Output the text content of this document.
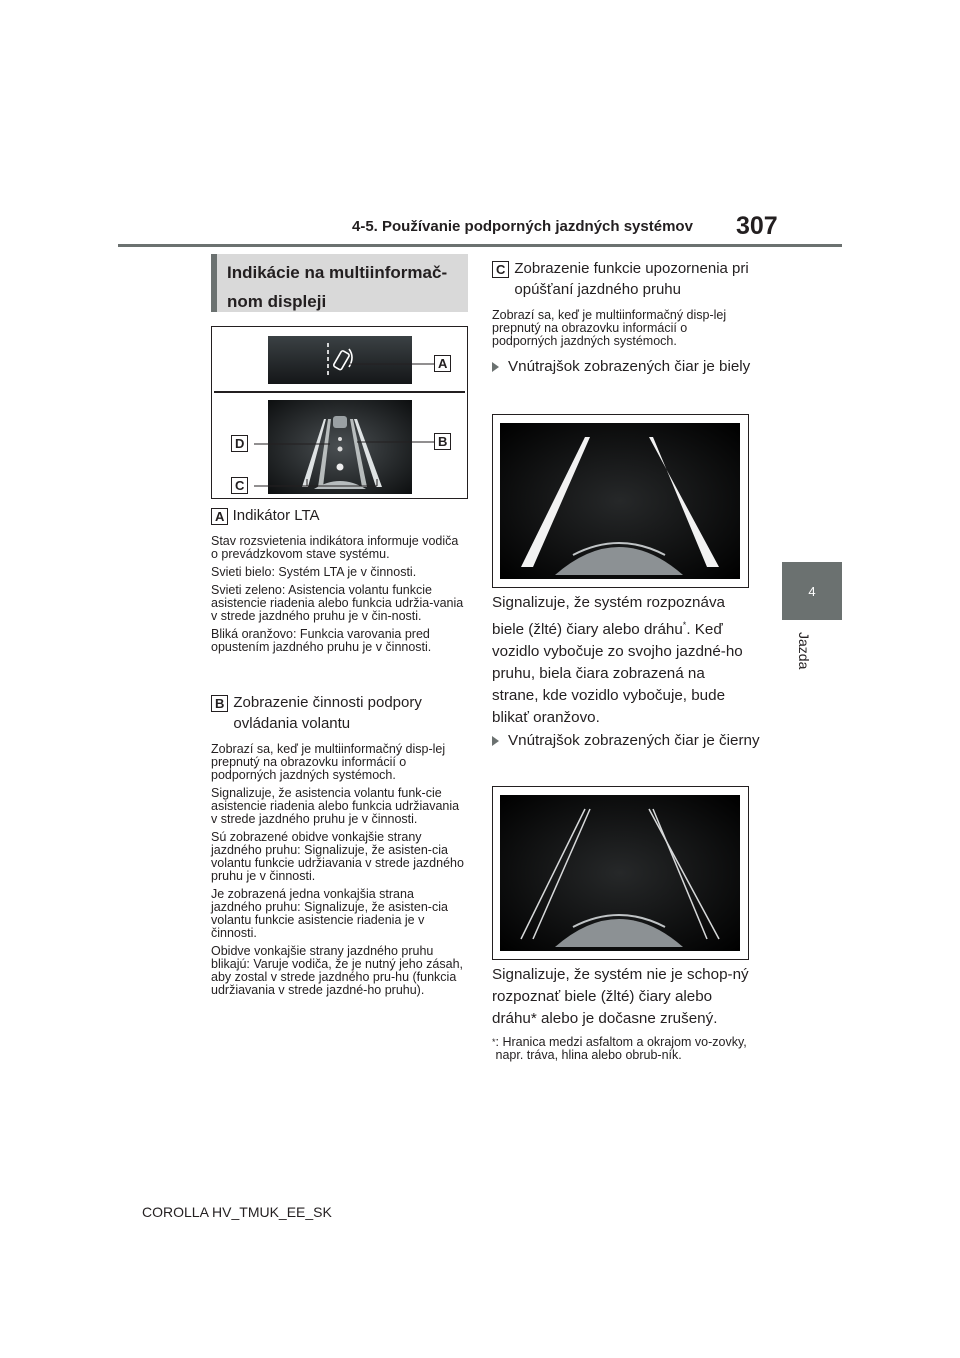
4-5. Používanie podporných jazdných systémov 307
4
Jazda
Indikácie na multiinformač-
nom displeji
A
B
D
C
A Indikátor LTA

Stav rozsvietenia indikátora informuje vodiča o prevádzkovom stave systému.

Svieti bielo: Systém LTA je v činnosti.

Svieti zeleno: Asistencia volantu funkcie asistencie riadenia alebo funkcia udržia-vania v strede jazdného pruhu je v čin-nosti.

Bliká oranžovo: Funkcia varovania pred opustením jazdného pruhu je v činnosti.

B Zobrazenie činnosti podpory ovládania volantu

Zobrazí sa, keď je multiinformačný disp-lej prepnutý na obrazovku informácií o podporných jazdných systémoch.

Signalizuje, že asistencia volantu funk-cie asistencie riadenia alebo funkcia udržiavania v strede jazdného pruhu je v činnosti.

Sú zobrazené obidve vonkajšie strany jazdného pruhu: Signalizuje, že asisten-cia volantu funkcie udržiavania v strede jazdného pruhu je v činnosti.

Je zobrazená jedna vonkajšia strana jazdného pruhu: Signalizuje, že asisten-cia volantu funkcie asistencie riadenia je v činnosti.

Obidve vonkajšie strany jazdného pruhu blikajú: Varuje vodiča, že je nutný jeho zásah, aby zostal v strede jazdného pru-hu (funkcia udržiavania v strede jazdné-ho pruhu).

C Zobrazenie funkcie upozornenia pri opúšťaní jazdného pruhu
Zobrazí sa, keď je multiinformačný disp-lej prepnutý na obrazovku informácií o podporných jazdných systémoch.
Vnútrajšok zobrazených čiar je biely
Signalizuje, že systém rozpoznáva biele (žlté) čiary alebo dráhu*. Keď vozidlo vybočuje zo svojho jazdné-ho pruhu, biela čiara zobrazená na strane, kde vozidlo vybočuje, bude blikať oranžovo.
Vnútrajšok zobrazených čiar je čierny
Signalizuje, že systém nie je schop-ný rozpoznať biele (žlté) čiary alebo dráhu* alebo je dočasne zrušený.
* : Hranica medzi asfaltom a okrajom vo-zovky, napr. tráva, hlina alebo obrub-ník.
COROLLA HV_TMUK_EE_SK
